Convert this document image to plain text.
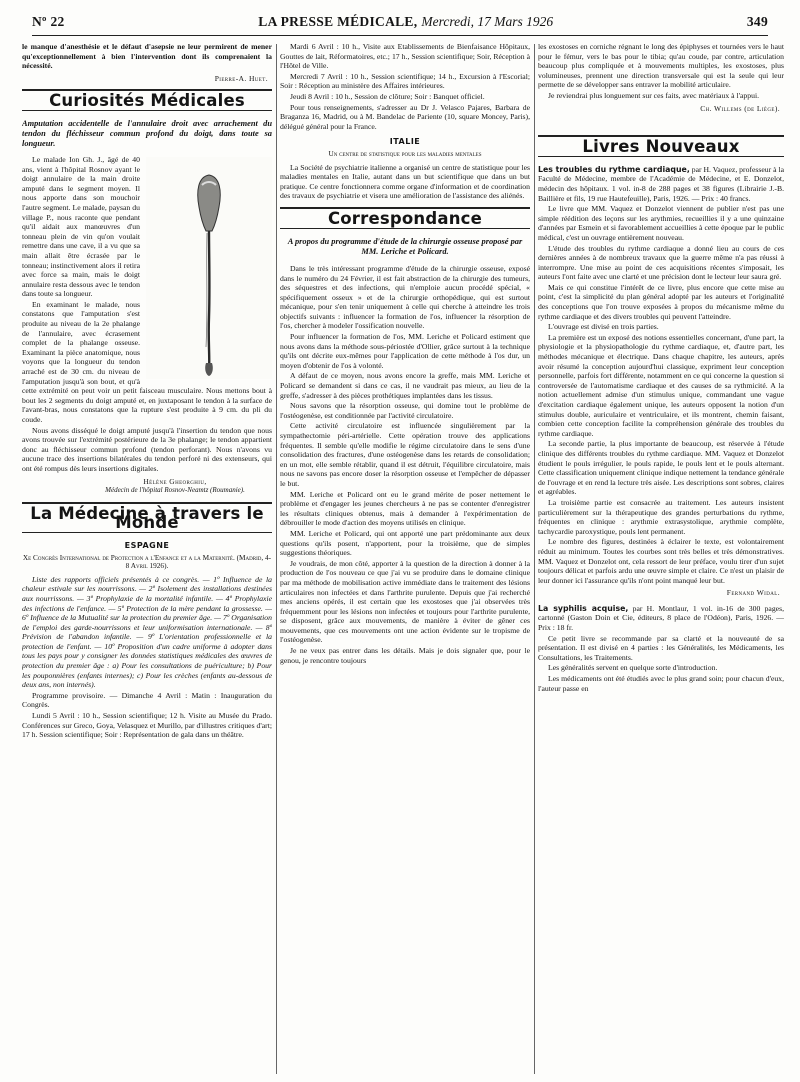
Nº 22	LA PRESSE MÉDICALE, Mercredi, 17 Mars 1926	349

le manque d'anesthésie et le défaut d'asepsie ne leur permirent de mener qu'exceptionnellement à bien l'intervention dont ils comprenaient la nécessité.

Pierre-A. Huet.
Curiosités Médicales
Amputation accidentelle de l'annulaire droit avec arrachement du tendon du fléchisseur commun profond du doigt, dans toute sa longueur.

Le malade Ion Gh. J., âgé de 40 ans, vient à l'hôpital Rosnov ayant le doigt annulaire de la main droite amputé dans le segment moyen. Il nous apporte dans son mouchoir l'autre segment. Le malade, paysan du village P., nous raconte que pendant qu'il aidait aux manœuvres d'un tonneau plein de vin qu'on voulait remettre dans une cave, il a vu que sa main allait être écrasée par le tonneau; instinctivement alors il retira avec force sa main, mais le doigt annulaire resta dessous avec le tendon dans toute sa longueur.

En examinant le malade, nous constatons que l'amputation s'est produite au niveau de la 2e phalange de l'annulaire, avec écrasement complet de la phalange osseuse. Examinant la pièce anatomique, nous voyons que la longueur du tendon arraché est de 30 cm. du niveau de l'amputation jusqu'à son bout, et qu'à cette extrémité on peut voir un petit faisceau musculaire. Nous mettons bout à bout les 2 segments du doigt amputé et, en juxtaposant le tendon à la surface de l'avant-bras, nous constatons que la rupture s'est produite à 9 cm. du pli du coude.

Nous avons disséqué le doigt amputé jusqu'à l'insertion du tendon que nous avons trouvée sur l'extrémité postérieure de la 3e phalange; le tendon appartient donc au fléchisseur commun profond (tendon perforant). Nous n'avons vu aucune trace des insertions bilatérales du tendon perforé ni des extenseurs, qui ont été rompus dès leurs insertions digitales.

Hélène Gheorghiu,
Médecin de l'hôpital Rosnov-Neamtz (Roumanie).
La Médecine à travers le Monde
ESPAGNE
Xe Congrès International de Protection a l'Enfance et a la Maternité. (Madrid, 4-8 Avril 1926).

Liste des rapports officiels présentés à ce congrès. — 1º Influence de la chaleur estivale sur les nourrissons. — 2º Isolement des installations destinées aux nourrissons. — 3º Prophylaxie de la mortalité infantile. — 4º Prophylaxie des infections de l'enfance. — 5º Protection de la mère pendant la grossesse. — 6º Influence de la Mutualité sur la protection du premier âge. — 7º Organisation de l'emploi des garde-nourrissons et leur uniformisation internationale. — 8º Prévision de l'abandon infantile. — 9º L'orientation professionnelle et la protection de l'enfant. — 10º Proposition d'un cadre uniforme à adopter dans tous les pays pour y consigner les données statistiques médicales des œuvres de protection du premier âge : a) Pour les consultations de puériculture; b) Pour les pouponnières (enfants internes); c) Pour les crèches (enfants au-dessous de deux ans, non internés).

Programme provisoire. — Dimanche 4 Avril : Matin : Inauguration du Congrès.

Lundi 5 Avril : 10 h., Session scientifique; 12 h. Visite au Musée du Prado. Conférences sur Greco, Goya, Velasquez et Murillo, par d'illustres critiques d'art; 17 h. Session scientifique; Soir : Représentation de gala dans un théâtre.

Mardi 6 Avril : 10 h., Visite aux Etablissements de Bienfaisance Hôpitaux, Gouttes de lait, Réformatoires, etc.; 17 h., Session scientifique; Soir, Réception à l'Hôtel de Ville.

Mercredi 7 Avril : 10 h., Session scientifique; 14 h., Excursion à l'Escorial; Soir : Réception au ministère des Affaires intérieures.

Jeudi 8 Avril : 10 h., Session de clôture; Soir : Banquet officiel.

Pour tous renseignements, s'adresser au Dr J. Velasco Pajares, Barbara de Braganza 16, Madrid, ou à M. Bandelac de Pariente (10, square Moncey, Paris), délégué général pour la France.

ITALIE
Un centre de statistique pour les maladies mentales

La Société de psychiatrie italienne a organisé un centre de statistique pour les maladies mentales en Italie, autant dans un but scientifique que dans un but pratique. Ce centre fonctionnera comme organe d'information et de coordination des travaux de psychiatrie et visera une amélioration de l'assistance des aliénés.

Correspondance
A propos du programme d'étude de la chirurgie osseuse proposé par MM. Leriche et Policard.

Dans le très intéressant programme d'étude de la chirurgie osseuse, exposé dans le numéro du 24 Février, il est fait abstraction de la chirurgie des tumeurs, des séquestres et des infections, qui n'emploie aucun procédé spécial, « spécifiquement osseux » et de la chirurgie orthopédique, qui est surtout mécanique, pour s'en tenir uniquement à celle qui cherche à atteindre les trois objectifs suivants : influencer la formation de l'os, influencer la résorption de l'os, chercher à modeler l'ossification nouvelle.

Pour influencer la formation de l'os, MM. Leriche et Policard estiment que nous avons dans la méthode sous-périostée d'Ollier, grâce surtout à la technique qu'ils ont décrite eux-mêmes pour l'application de cette méthode à l'os dur, un moyen d'obtenir de l'os à volonté.

A défaut de ce moyen, nous avons encore la greffe, mais MM. Leriche et Policard se demandent si dans ce cas, il ne vaudrait pas mieux, au lieu de la greffe, s'adresser à des pièces prothétiques implantées dans les tissus.

Nous savons que la résorption osseuse, qui domine tout le problème de l'ostéogenèse, est conditionnée par l'activité circulatoire.

Cette activité circulatoire est influencée singulièrement par la sympathectomie péri-artérielle. Cette opération trouve des applications fréquentes. Il semble qu'elle modifie le régime circulatoire dans le sens d'une consolidation des fractures, d'une ostéogenèse dans les retards de consolidation; en un mot, elle semble rétablir, quand il est détruit, l'équilibre circulatoire, mais nous ne savons pas encore doser la résorption osseuse et l'empêcher de dépasser le but.

MM. Leriche et Policard ont eu le grand mérite de poser nettement le problème et d'engager les jeunes chercheurs à ne pas se contenter d'enregistrer les résultats cliniques obtenus, mais à demander à l'expérimentation de débrouiller le mode d'action des moyens utilisés en clinique.

MM. Leriche et Policard, qui ont apporté une part prédominante aux deux questions qu'ils posent, n'apportent, pour la troisième, que de simples suggestions théoriques.

Je voudrais, de mon côté, apporter à la question de la direction à donner à la production de l'os nouveau ce que j'ai vu se produire dans le domaine clinique par ma méthode de mobilisation active immédiate dans le traitement des lésions articulaires non infectées et dans l'arthrite purulente. Depuis que j'ai recherché mes anciens opérés, il est certain que les exostoses que j'ai observées très fréquemment pour les lésions non infectées et toujours pour l'arthrite purulente, se disposent, grâce aux mouvements, de manière à éviter de gêner ces mouvements, que ces mouvements ont une action évidente sur le tropisme de l'ostéogenèse.

Je ne veux pas entrer dans les détails. Mais je dois signaler que, pour le genou, je rencontre toujours

les exostoses en corniche régnant le long des épiphyses et tournées vers le haut pour le fémur, vers le bas pour le tibia; qu'au coude, par contre, articulation beaucoup plus compliquée et à mouvements multiples, les exostoses, plus volumineuses, prennent une direction transversale qui est la seule qui leur permette de se développer sans entraver la mobilité articulaire.

Je reviendrai plus longuement sur ces faits, avec matériaux à l'appui.

Ch. Willems (de Liège).
Livres Nouveaux

Les troubles du rythme cardiaque, par H. Vaquez, professeur à la Faculté de Médecine, membre de l'Académie de Médecine, et E. Donzelot, médecin des hôpitaux. 1 vol. in-8 de 288 pages et 38 figures (Librairie J.-B. Baillière et fils, 19 rue Hautefeuille), Paris, 1926. — Prix : 40 francs.

Le livre que MM. Vaquez et Donzelot viennent de publier n'est pas une simple réédition des leçons sur les arythmies, recueillies il y a une quinzaine d'années par Esmein et si favorablement accueillies à cette époque par le public médical, c'est un ouvrage entièrement nouveau.

L'étude des troubles du rythme cardiaque a donné lieu au cours de ces dernières années à de nombreux travaux que la guerre même n'a pas réussi à interrompre. Une mise au point de ces acquisitions récentes s'imposait, les auteurs l'ont faite avec une clarté et une précision dont le lecteur leur saura gré.

Mais ce qui constitue l'intérêt de ce livre, plus encore que cette mise au point, c'est la simplicité du plan général adopté par les auteurs et l'originalité des conceptions que l'on trouve exposées à propos du mécanisme même du rythme cardiaque et des divers troubles qui peuvent l'atteindre.

L'ouvrage est divisé en trois parties.

La première est un exposé des notions essentielles concernant, d'une part, la physiologie et la physiopathologie du rythme cardiaque, et, d'autre part, les méthodes mécanique et électrique. Dans chaque chapitre, les auteurs, après avoir résumé la conception aujourd'hui classique, expriment leur conception personnelle, parfois fort différente, notamment en ce qui concerne la question si controversée de l'automatisme cardiaque et des causes de sa rythmicité. A la notion actuellement admise d'un stimulus unique, commandant une vague d'excitation cardiaque également unique, les auteurs opposent la notion d'un stimulus double, auriculaire et ventriculaire, et ils montrent, chemin faisant, combien cette conception facilite la compréhension générale des troubles du rythme cardiaque.

La seconde partie, la plus importante de beaucoup, est réservée à l'étude clinique des différents troubles du rythme cardiaque. MM. Vaquez et Donzelot étudient le pouls irrégulier, le pouls rapide, le pouls lent et le pouls alternant. Cette classification uniquement clinique indique nettement la tendance générale de l'ouvrage et en rend la lecture très aisée. Les descriptions sont sobres, claires et agréables.

La troisième partie est consacrée au traitement. Les auteurs insistent particulièrement sur la thérapeutique des grandes perturbations du rythme, fréquentes en clinique : arythmie extrasystolique, arythmie complète, tachycardie paroxystique, pouls lent permanent.

Le nombre des figures, destinées à éclairer le texte, est volontairement réduit au minimum. Toutes les courbes sont très belles et très démonstratives. MM. Vaquez et Donzelot ont, cela ressort de leur préface, voulu tirer d'un sujet toujours délicat et parfois ardu une œuvre simple et claire. Ce n'est un plaisir de leur donner ici l'assurance qu'ils n'ont point manqué leur but.

Fernand Widal.

La syphilis acquise, par H. Montlaur, 1 vol. in-16 de 300 pages, cartonné (Gaston Doin et Cie, éditeurs, 8 place de l'Odéon), Paris, 1926. — Prix : 18 fr.

Ce petit livre se recommande par sa clarté et la nouveauté de sa présentation. Il est divisé en 4 parties : les Généralités, les Médicaments, les Consultations, les Traitements.

Les généralités servent en quelque sorte d'introduction.

Les médicaments ont été étudiés avec le plus grand soin; pour chacun d'eux, l'auteur passe en
